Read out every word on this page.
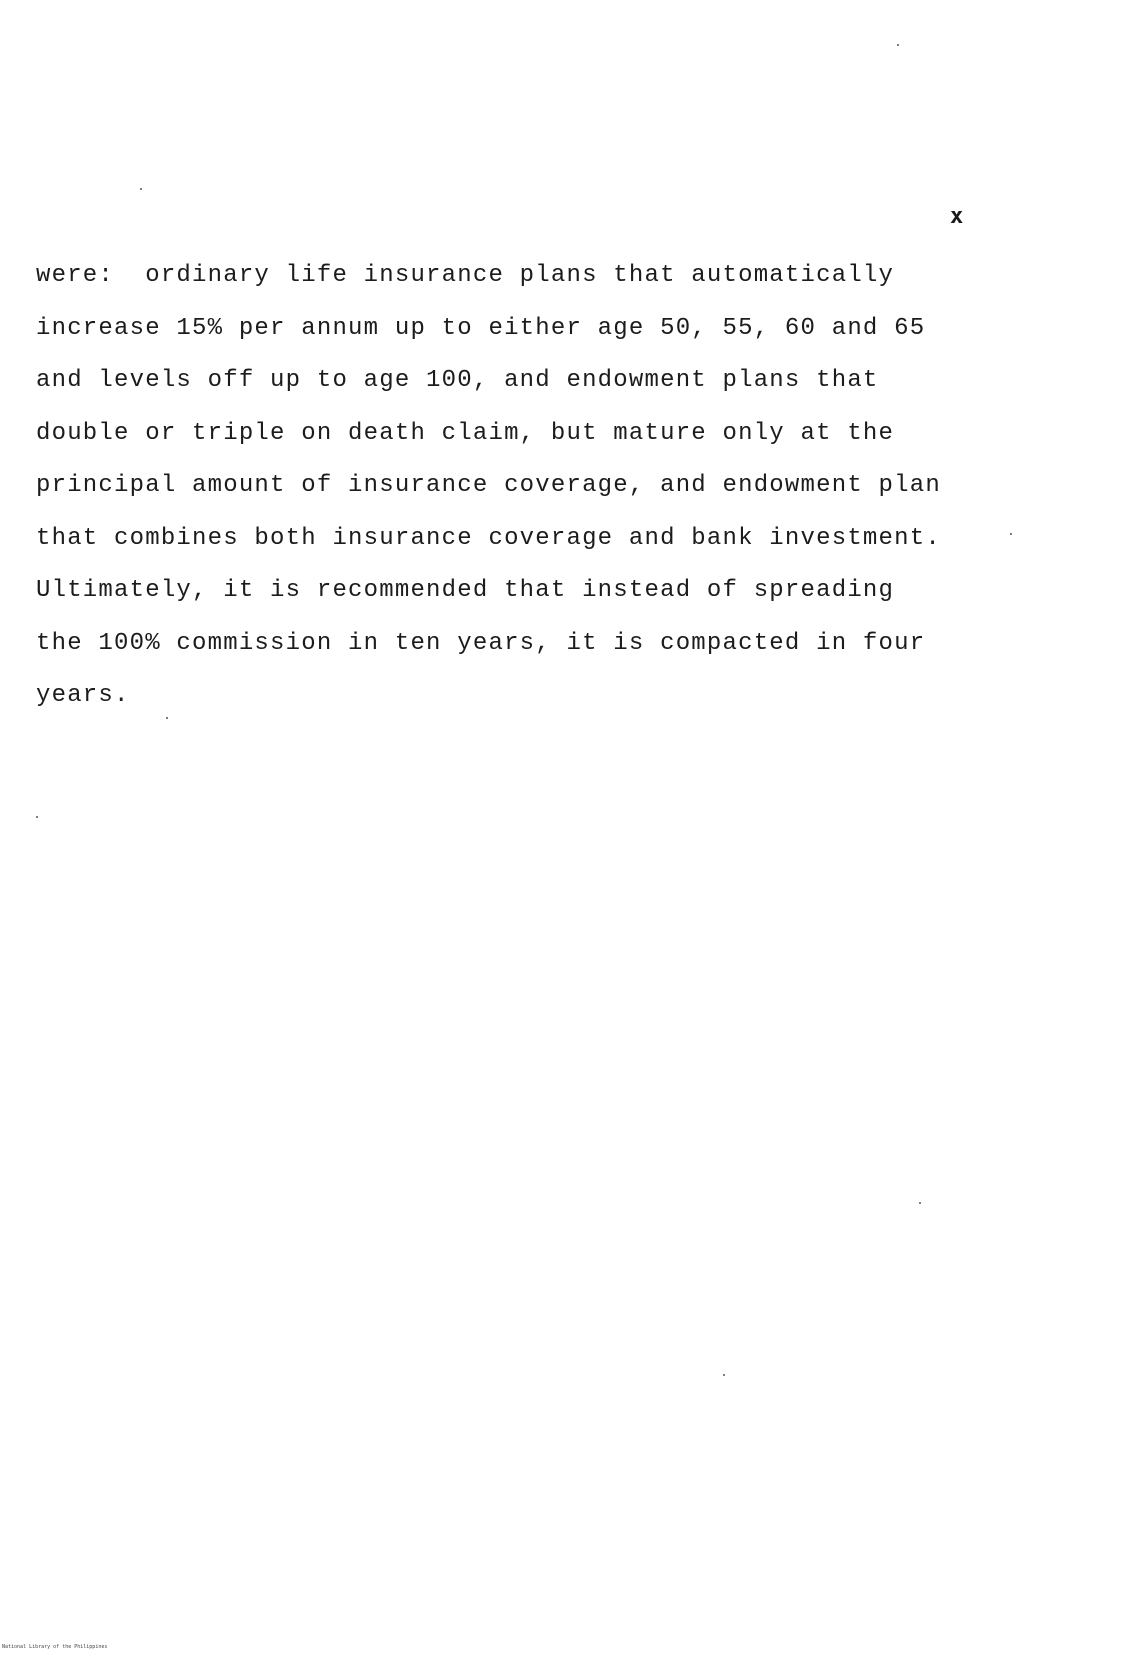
x
were:  ordinary life insurance plans that automatically
increase 15% per annum up to either age 50, 55, 60 and 65
and levels off up to age 100, and endowment plans that
double or triple on death claim, but mature only at the
principal amount of insurance coverage, and endowment plan
that combines both insurance coverage and bank investment.
Ultimately, it is recommended that instead of spreading
the 100% commission in ten years, it is compacted in four
years.
National Library of the Philippines
